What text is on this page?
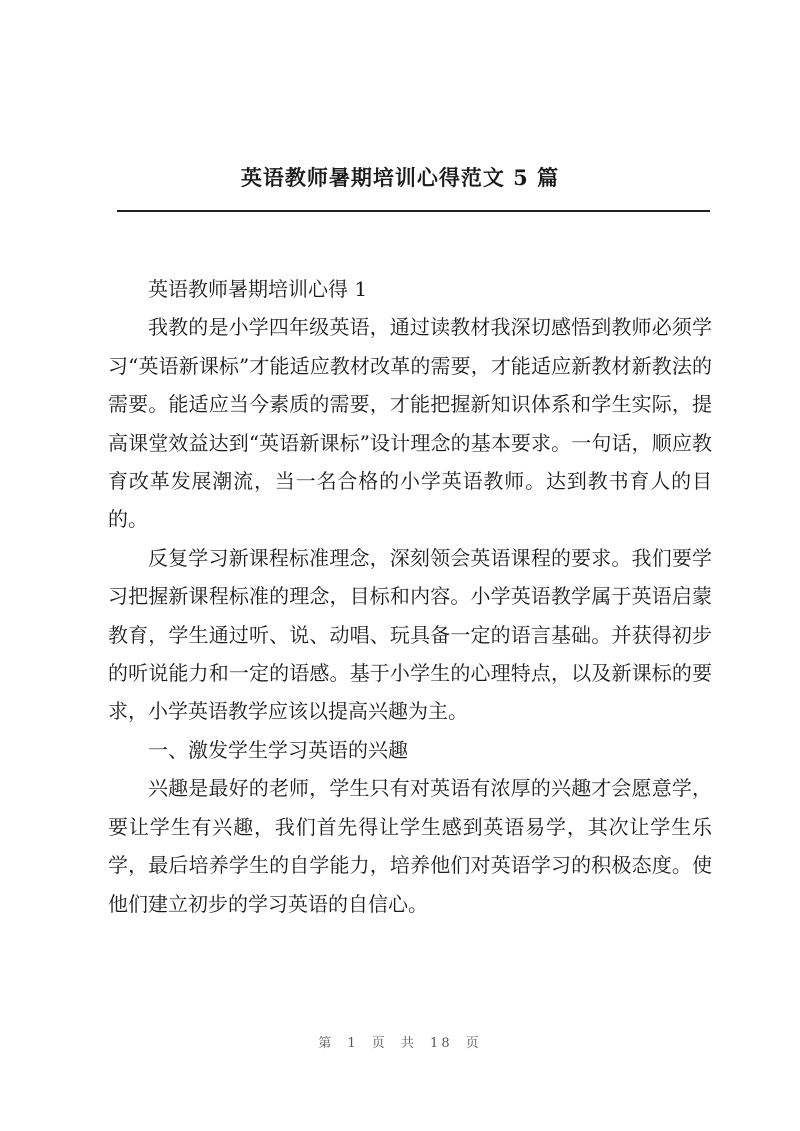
英语教师暑期培训心得范文 5 篇

英语教师暑期培训心得 1

我教的是小学四年级英语，通过读教材我深切感悟到教师必须学习“英语新课标”才能适应教材改革的需要，才能适应新教材新教法的需要。能适应当今素质的需要，才能把握新知识体系和学生实际，提高课堂效益达到“英语新课标”设计理念的基本要求。一句话，顺应教育改革发展潮流，当一名合格的小学英语教师。达到教书育人的目的。

反复学习新课程标准理念，深刻领会英语课程的要求。我们要学习把握新课程标准的理念，目标和内容。小学英语教学属于英语启蒙教育，学生通过听、说、动唱、玩具备一定的语言基础。并获得初步的听说能力和一定的语感。基于小学生的心理特点，以及新课标的要求，小学英语教学应该以提高兴趣为主。

一、激发学生学习英语的兴趣

兴趣是最好的老师，学生只有对英语有浓厚的兴趣才会愿意学，要让学生有兴趣，我们首先得让学生感到英语易学，其次让学生乐学，最后培养学生的自学能力，培养他们对英语学习的积极态度。使他们建立初步的学习英语的自信心。

第 1 页 共 18 页
